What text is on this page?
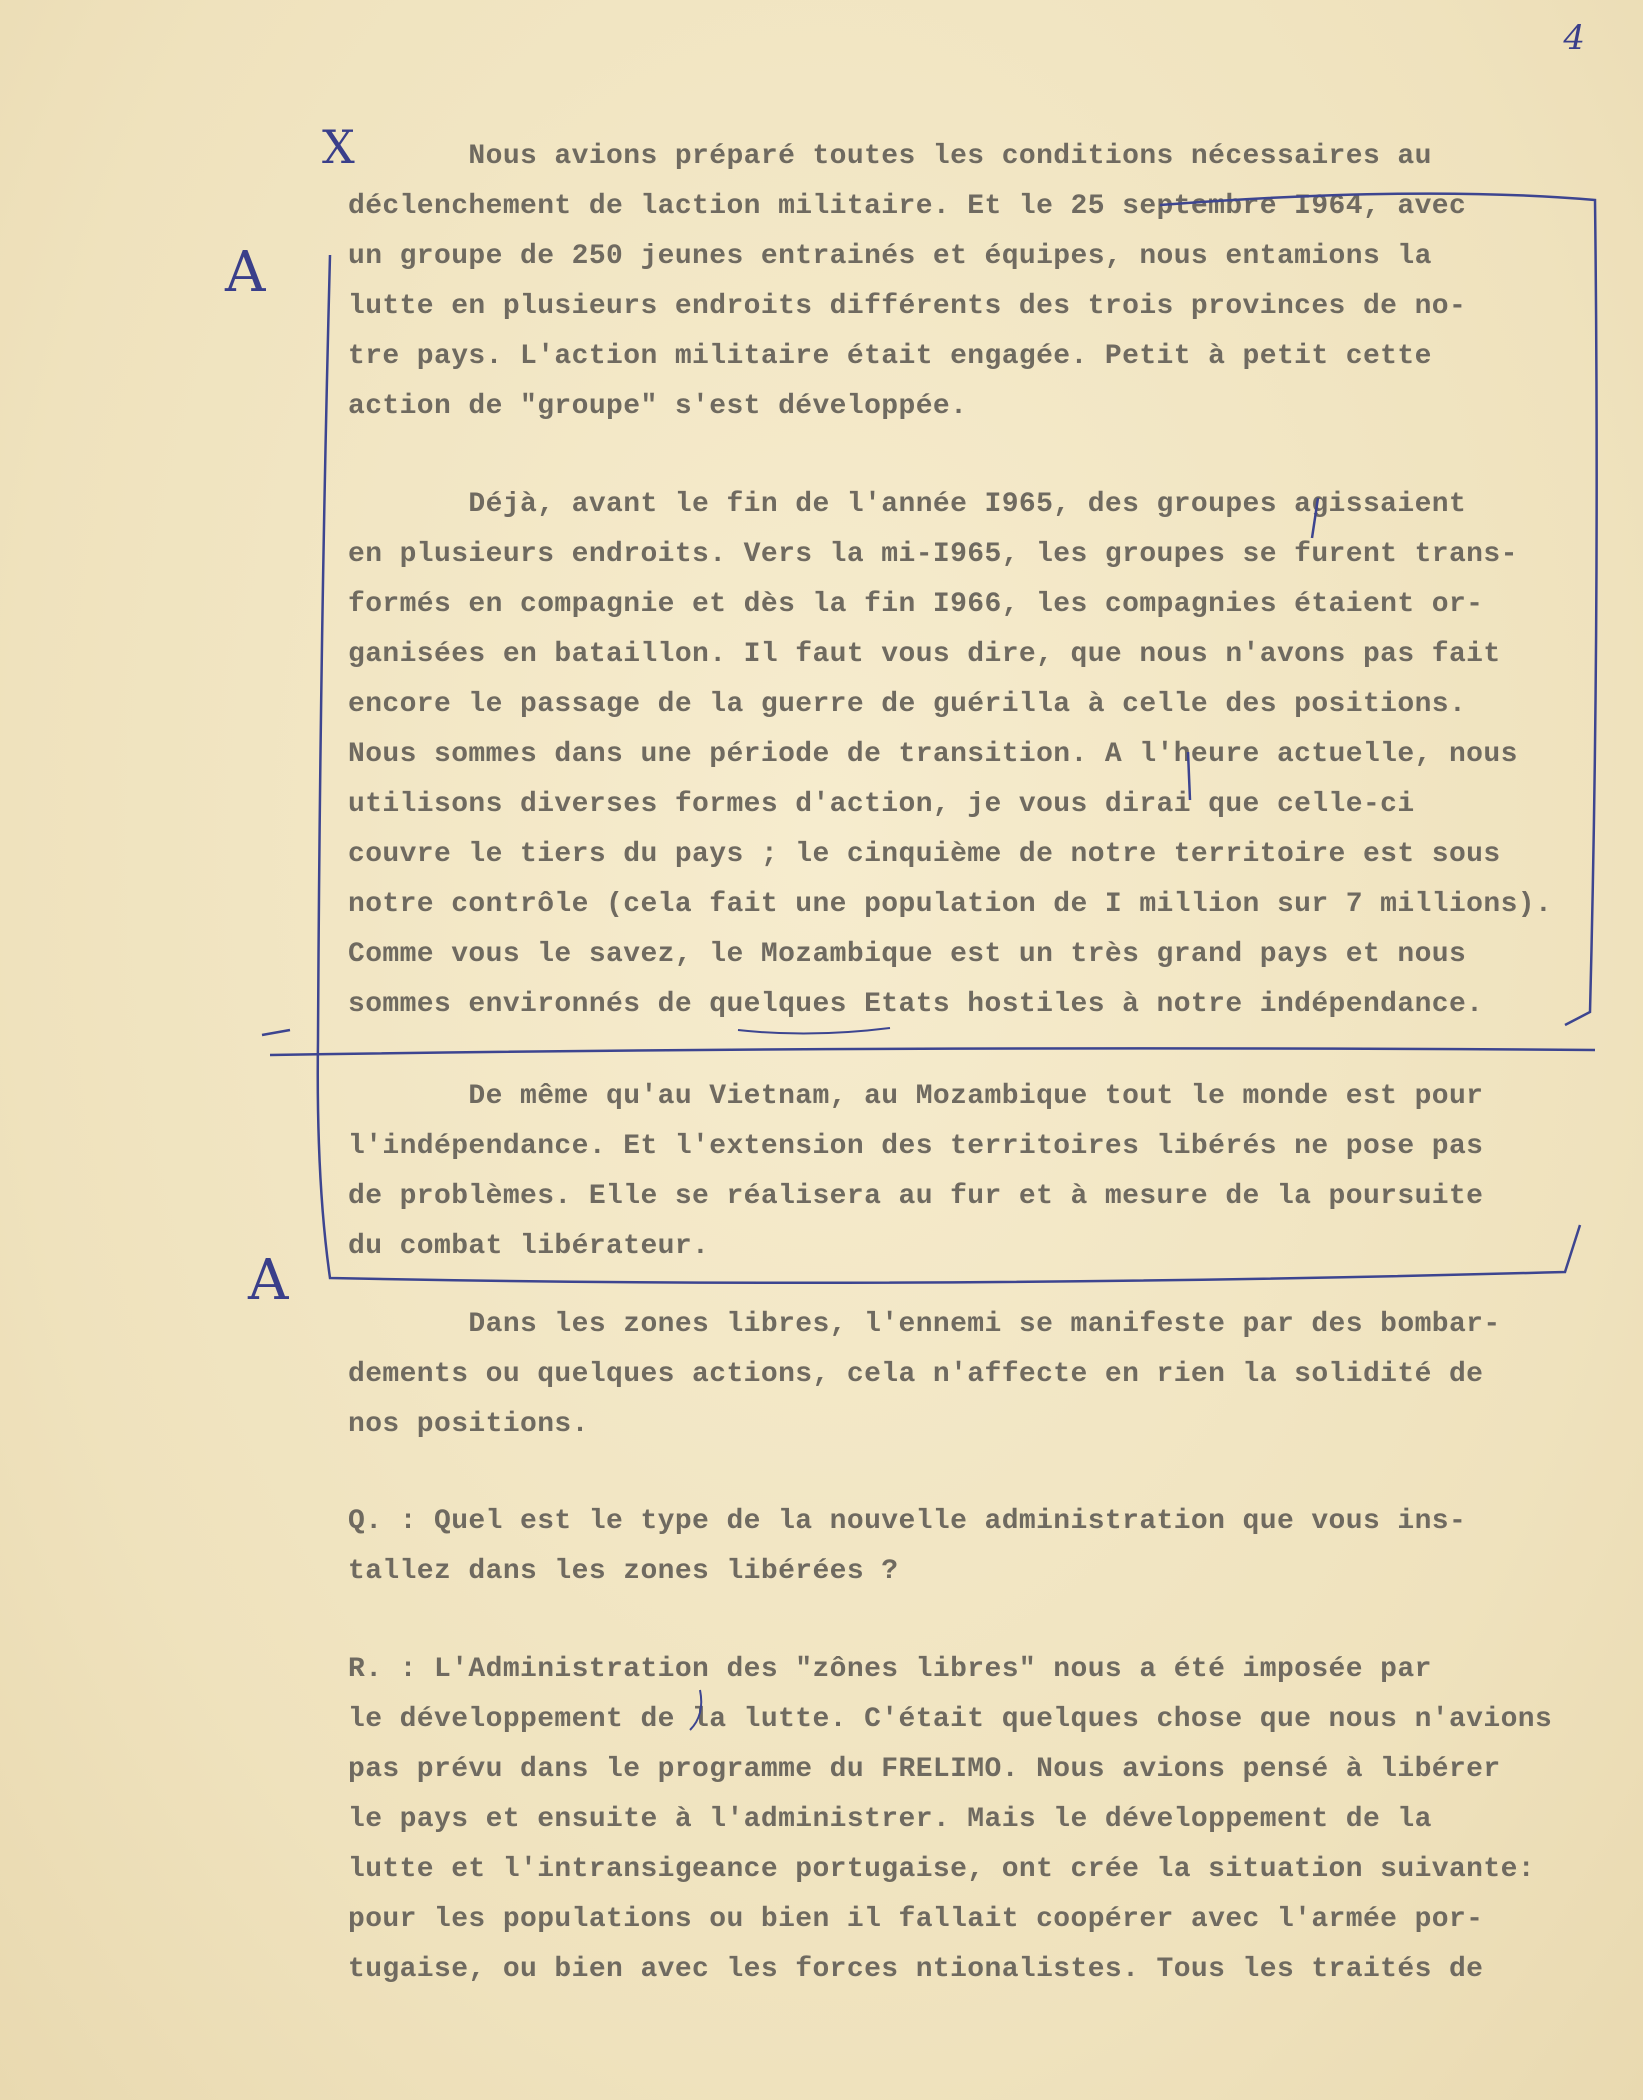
4
Nous avions préparé toutes les conditions nécessaires au
déclenchement de laction militaire. Et le 25 septembre I964, avec
un groupe de 250 jeunes entrainés et équipes, nous entamions la
lutte en plusieurs endroits différents des trois provinces de no-
tre pays. L'action militaire était engagée. Petit à petit cette
action de "groupe" s'est développée.
Déjà, avant le fin de l'année I965, des groupes agissaient
en plusieurs endroits. Vers la mi-I965, les groupes se furent trans-
formés en compagnie et dès la fin I966, les compagnies étaient or-
ganisées en bataillon. Il faut vous dire, que nous n'avons pas fait
encore le passage de la guerre de guérilla à celle des positions.
Nous sommes dans une période de transition. A l'heure actuelle, nous
utilisons diverses formes d'action, je vous dirai que celle-ci
couvre le tiers du pays ; le cinquième de notre territoire est sous
notre contrôle (cela fait une population de I million sur 7 millions).
Comme vous le savez, le Mozambique est un très grand pays et nous
sommes environnés de quelques Etats hostiles à notre indépendance.
De même qu'au Vietnam, au Mozambique tout le monde est pour
l'indépendance. Et l'extension des territoires libérés ne pose pas
de problèmes. Elle se réalisera au fur et à mesure de la poursuite
du combat libérateur.
Dans les zones libres, l'ennemi se manifeste par des bombar-
dements ou quelques actions, cela n'affecte en rien la solidité de
nos positions.
Q. : Quel est le type de la nouvelle administration que vous ins-
tallez dans les zones libérées ?
R. : L'Administration des "zônes libres" nous a été imposée par
le développement de la lutte. C'était quelques chose que nous n'avions
pas prévu dans le programme du FRELIMO. Nous avions pensé à libérer
le pays et ensuite à l'administrer. Mais le développement de la
lutte et l'intransigeance portugaise, ont crée la situation suivante:
pour les populations ou bien il fallait coopérer avec l'armée por-
tugaise, ou bien avec les forces ntionalistes. Tous les traités de
X
A
A
